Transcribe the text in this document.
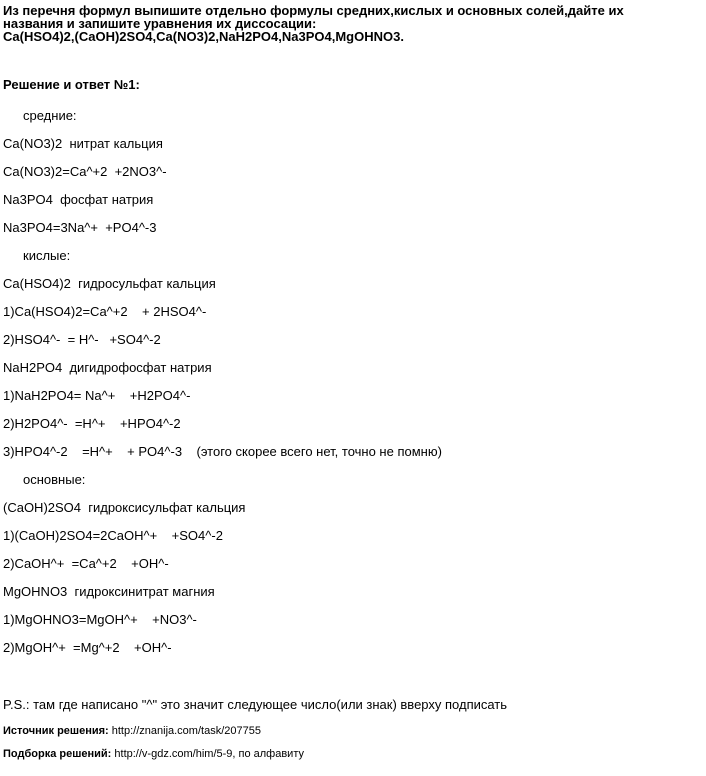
Из перечня формул выпишите отдельно формулы средних,кислых и основных солей,дайте их
названия и запишите уравнения их диссосации:
Ca(HSO4)2,(CaOH)2SO4,Ca(NO3)2,NaH2PO4,Na3PO4,MgOHNO3.
Решение и ответ №1:
средние:
Ca(NO3)2  нитрат кальция
Ca(NO3)2=Ca^+2  +2NO3^-
Na3PO4  фосфат натрия
Na3PO4=3Na^+  +PO4^-3
кислые:
Ca(HSO4)2  гидросульфат кальция
1)Ca(HSO4)2=Ca^+2    + 2HSO4^-
2)HSO4^-  = H^-   +SO4^-2
NaH2PO4  дигидрофосфат натрия
1)NaH2PO4= Na^+    +H2PO4^-
2)H2PO4^-  =H^+    +HPO4^-2
3)HPO4^-2    =H^+    + PO4^-3    (этого скорее всего нет, точно не помню)
основные:
(CaOH)2SO4  гидроксисульфат кальция
1)(CaOH)2SO4=2CaOH^+    +SO4^-2
2)CaOH^+  =Ca^+2    +OH^-
MgOHNO3  гидроксинитрат магния
1)MgOHNO3=MgOH^+    +NO3^-
2)MgOH^+  =Mg^+2    +OH^-
P.S.: там где написано "^" это значит следующее число(или знак) вверху подписать
Источник решения: http://znanija.com/task/207755
Подборка решений: http://v-gdz.com/him/5-9, по алфавиту
